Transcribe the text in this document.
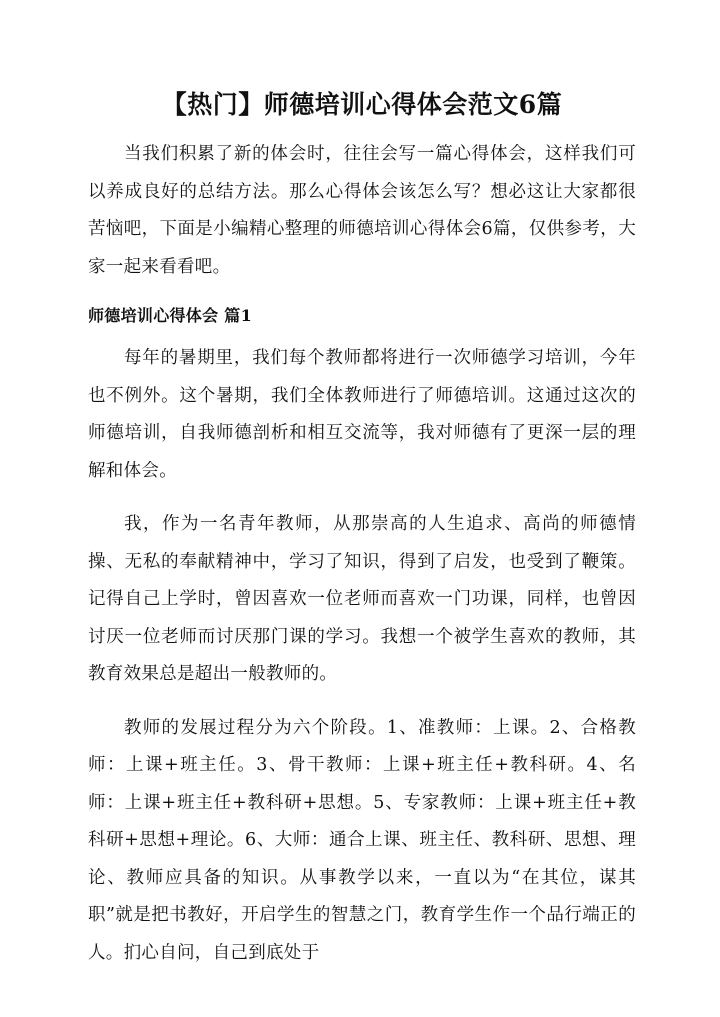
【热门】师德培训心得体会范文6篇

当我们积累了新的体会时，往往会写一篇心得体会，这样我们可以养成良好的总结方法。那么心得体会该怎么写？想必这让大家都很苦恼吧，下面是小编精心整理的师德培训心得体会6篇，仅供参考，大家一起来看看吧。

师德培训心得体会 篇1

每年的暑期里，我们每个教师都将进行一次师德学习培训，今年也不例外。这个暑期，我们全体教师进行了师德培训。这通过这次的师德培训，自我师德剖析和相互交流等，我对师德有了更深一层的理解和体会。

我，作为一名青年教师，从那崇高的人生追求、高尚的师德情操、无私的奉献精神中，学习了知识，得到了启发，也受到了鞭策。记得自己上学时，曾因喜欢一位老师而喜欢一门功课，同样，也曾因讨厌一位老师而讨厌那门课的学习。我想一个被学生喜欢的教师，其教育效果总是超出一般教师的。

教师的发展过程分为六个阶段。1、准教师：上课。2、合格教师：上课+班主任。3、骨干教师：上课+班主任+教科研。4、名师：上课+班主任+教科研+思想。5、专家教师：上课+班主任+教科研+思想+理论。6、大师：通合上课、班主任、教科研、思想、理论、教师应具备的知识。从事教学以来，一直以为“在其位，谋其职”就是把书教好，开启学生的智慧之门，教育学生作一个品行端正的人。扪心自问，自己到底处于
